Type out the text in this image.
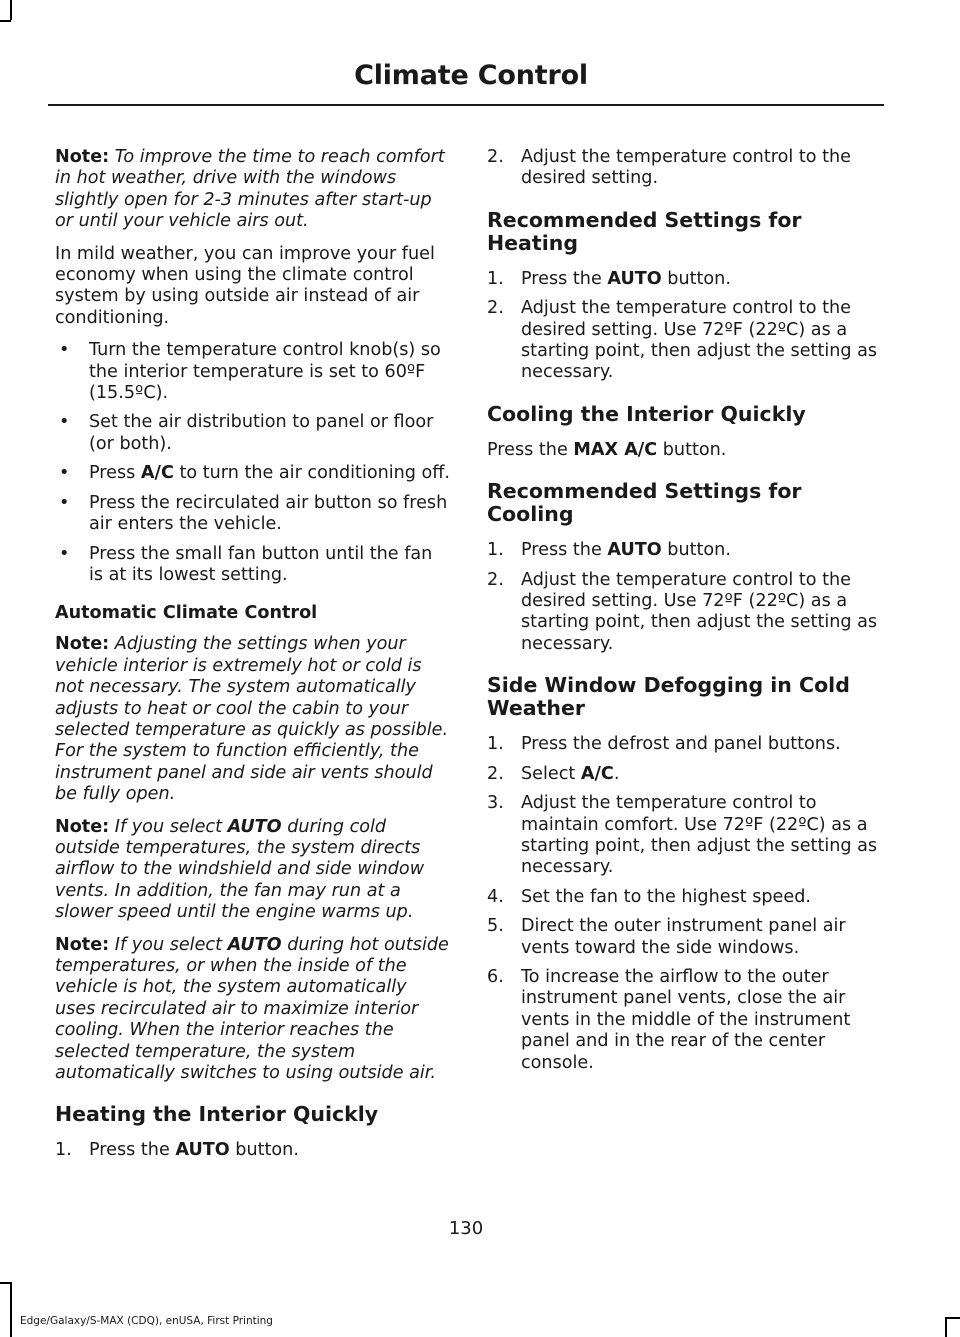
Climate Control

Note: To improve the time to reach comfort in hot weather, drive with the windows slightly open for 2-3 minutes after start-up or until your vehicle airs out.

In mild weather, you can improve your fuel economy when using the climate control system by using outside air instead of air conditioning.

• Turn the temperature control knob(s) so the interior temperature is set to 60ºF (15.5ºC).
• Set the air distribution to panel or floor (or both).
• Press A/C to turn the air conditioning off.
• Press the recirculated air button so fresh air enters the vehicle.
• Press the small fan button until the fan is at its lowest setting.
Automatic Climate Control

Note: Adjusting the settings when your vehicle interior is extremely hot or cold is not necessary. The system automatically adjusts to heat or cool the cabin to your selected temperature as quickly as possible. For the system to function efficiently, the instrument panel and side air vents should be fully open.

Note: If you select AUTO during cold outside temperatures, the system directs airflow to the windshield and side window vents. In addition, the fan may run at a slower speed until the engine warms up.

Note: If you select AUTO during hot outside temperatures, or when the inside of the vehicle is hot, the system automatically uses recirculated air to maximize interior cooling. When the interior reaches the selected temperature, the system automatically switches to using outside air.

Heating the Interior Quickly
1. Press the AUTO button.
2. Adjust the temperature control to the desired setting.
Recommended Settings for Heating
1. Press the AUTO button.
2. Adjust the temperature control to the desired setting. Use 72ºF (22ºC) as a starting point, then adjust the setting as necessary.
Cooling the Interior Quickly

Press the MAX A/C button.

Recommended Settings for Cooling
1. Press the AUTO button.
2. Adjust the temperature control to the desired setting. Use 72ºF (22ºC) as a starting point, then adjust the setting as necessary.
Side Window Defogging in Cold Weather
1. Press the defrost and panel buttons.
2. Select A/C.
3. Adjust the temperature control to maintain comfort. Use 72ºF (22ºC) as a starting point, then adjust the setting as necessary.
4. Set the fan to the highest speed.
5. Direct the outer instrument panel air vents toward the side windows.
6. To increase the airflow to the outer instrument panel vents, close the air vents in the middle of the instrument panel and in the rear of the center console.
130
Edge/Galaxy/S-MAX (CDQ), enUSA, First Printing
